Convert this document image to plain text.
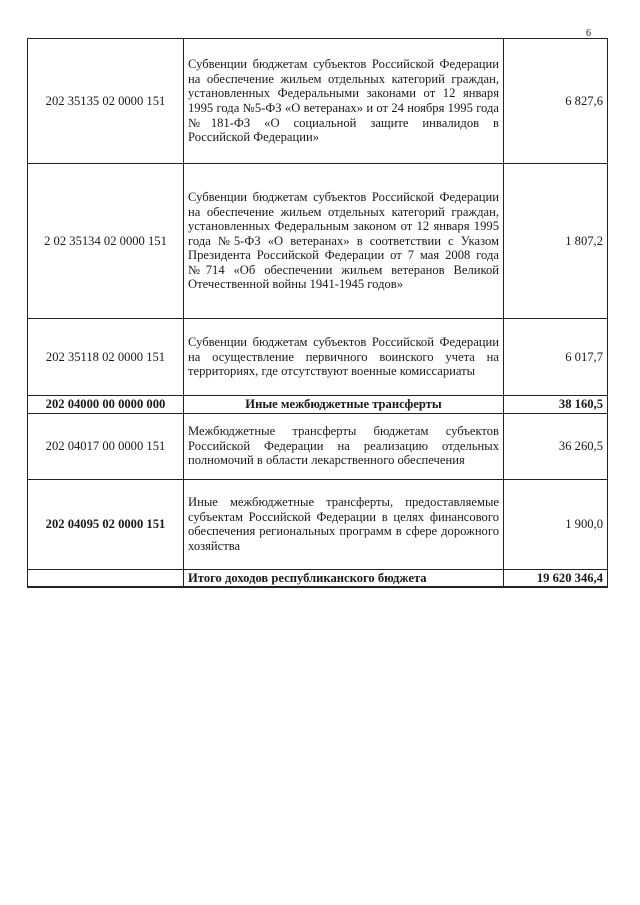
6
202 35135 02 0000 151	Субвенции бюджетам субъектов Российской Федерации на обеспечение жильем отдельных категорий граждан, установленных Федеральными законами от 12 января 1995 года №5-ФЗ «О ветеранах» и от 24 ноября 1995 года №181-ФЗ «О социальной защите инвалидов в Российской Федерации»	6 827,6
2 02 35134 02 0000 151	Субвенции бюджетам субъектов Российской Федерации на обеспечение жильем отдельных категорий граждан, установленных Федеральным законом от 12 января 1995 года №5-ФЗ «О ветеранах» в соответствии с Указом Президента Российской Федерации от 7 мая 2008 года №714 «Об обеспечении жильем ветеранов Великой Отечественной войны 1941-1945 годов»	1 807,2
202 35118 02 0000 151	Субвенции бюджетам субъектов Российской Федерации на осуществление первичного воинского учета на территориях, где отсутствуют военные комиссариаты	6 017,7
202 04000 00 0000 000	Иные межбюджетные трансферты	38 160,5
202 04017 00 0000 151	Межбюджетные трансферты бюджетам субъектов Российской Федерации на реализацию отдельных полномочий в области лекарственного обеспечения	36 260,5
202 04095 02 0000 151	Иные межбюджетные трансферты, предоставляемые субъектам Российской Федерации в целях финансового обеспечения региональных программ в сфере дорожного хозяйства	1 900,0
	Итого доходов республиканского бюджета	19 620 346,4
